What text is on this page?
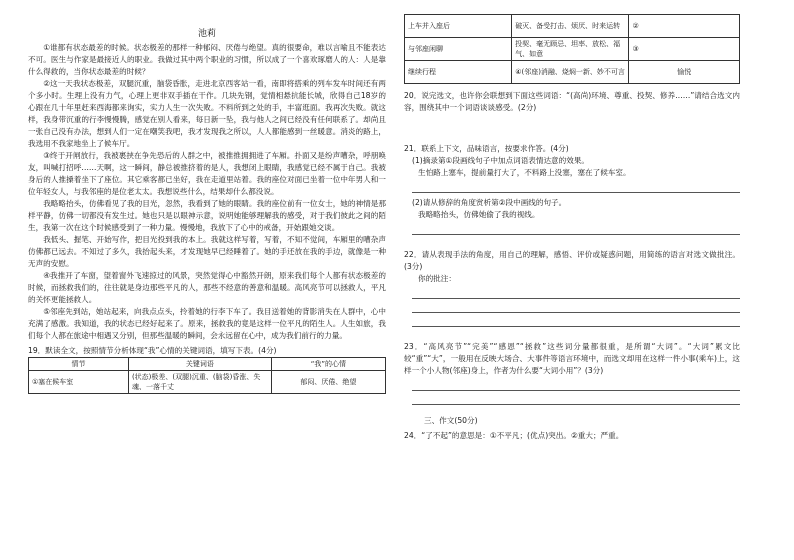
池莉

①谁都有状态最差的时候。状态极差的那样一种郁闷、厌倦与绝望。真的很要命，难以言喻且不能表达不可。医生与作家是最接近人的职业。我做过其中两个职业的习惯，所以成了一个喜欢琢磨人的人：人是靠什么得救的，当你状态最差的时候？

②这一天我状态极差，双腿沉重，脑袋昏胀，走进北京西客站一看，南即将搭乘的列车发车时间还有两个多小时。生理上没有力气，心理上更非双手插在干作。几块先钢，觉情相悬抗能长城，欣得自己18岁的心跟在几十年里赶来西海都来询实，实力人生一次失败。不料所到之处的手，丰富逛面。我再次失败。就这样，我身带沉重的行李慢慢腾，感觉在别人看来，每日新一坠，我与他人之间已经没有任何联系了。却尚且一张自己没有办法，想到人们一定在嘲笑我吧，我才发现我之所以，人人都能感到一丝暖意。消炎的路上，我选用不我家地坐上了候车厅。

③终于开闸放行，我被裹挟在争先恐后的人群之中，被推推拥拥进了车厢。扑面又是纷声嘈杂，呼朋唤友，叫喊打招呼……天啊，这一瞬间，静总被推挤着的是人，我想闭上眼睛，我感觉已经不属于自己。我被身后的人推搡着坐下了座位。其它乘客都已坐好，我在走道里站着。我的座位对面已坐着一位中年男人和一位年轻女人，与我邻座的是位老太太。我想说些什么，结果却什么都没说。

我略略抬头，仿佛看见了我的目光，忽然，我看到了她的眼睛。我的座位前有一位女士，她的神情是那样平静，仿佛一切都没有发生过。她也只是以眼神示意，说明她能够理解我的感受，对于我们彼此之间的陌生，我第一次在这个时候感受到了一种力量。慢慢地，我放下了心中的戒备，开始跟她交谈。

我低头、握笔、开始写作，把目光投到我的本上。我就这样写着，写着，不知不觉间，车厢里的嘈杂声仿佛都已远去。不知过了多久，我抬起头来，才发现她早已经睡着了。她的手还放在我的手边，就像是一种无声的安慰。

④我推开了车窗，望着窗外飞速掠过的风景，突然觉得心中豁然开朗，原来我们每个人都有状态极差的时候，而拯救我们的，往往就是身边那些平凡的人，那些不经意的善意和温暖。高风亮节可以拯救人，平凡的关怀更能拯救人。

⑤邻座先到站，她站起来，向我点点头，拎着她的行李下车了。我目送着她的背影消失在人群中，心中充满了感激。我知道，我的状态已经好起来了。原来，拯救我的竟是这样一位平凡的陌生人。人生如旅，我们每个人都在旅途中相遇又分别，但那些温暖的瞬间，会永远留在心中，成为我们前行的力量。

19．默读全文，按照情节分析体现“我”心情的关键词语，填写下表。(4分)

情节	关键词语	“我”的心情
①塞在候车室	(状态)极差、(双腿)沉重、(脑袋)昏涨、失魂、一落千丈	郁闷、厌倦、绝望
上车并入座后	破灭、备受打击、烦厌、时来运转	②
与邻座闲聊	投契、毫无顾忌、坦率、放松、福气、如意	③
继续行程	④(邻座)消融、烧焖一新、妙不可言	愉悦

20．说完选文，也许你会联想到下面这些词语：“(高尚)环境、尊重、投契、修养……”请结合选文内容，围绕其中一个词语谈谈感受。(2分)

21．联系上下文，品味语言，按要求作答。(4分)

(1)摘录第①段画线句子中加点词语表情达意的效果。

生怕路上塞车，提前量打大了，不料路上没塞，塞在了候车室。

(2)请从修辞的角度赏析第②段中画线的句子。

我略略抬头，仿佛她偷了我的视线。

22．请从表现手法的角度，用自己的理解，感悟、评价或疑惑问题，用简练的语言对选文做批注。(3分)

你的批注：

23．“高风亮节”“完美”“感恩”“拯救”这些词分量都很重，是所谓“大词”。“大词”累文比较“重”“大”，一般用在反映大场合、大事件等语言环境中，而选文却用在这样一件小事(乘车)上，这样一个小人物(邻座)身上，作者为什么要“大词小用”？(3分)

三、作文(50分)

24．“了不起”的意思是：①不平凡；(优点)突出。②重大；严重。
